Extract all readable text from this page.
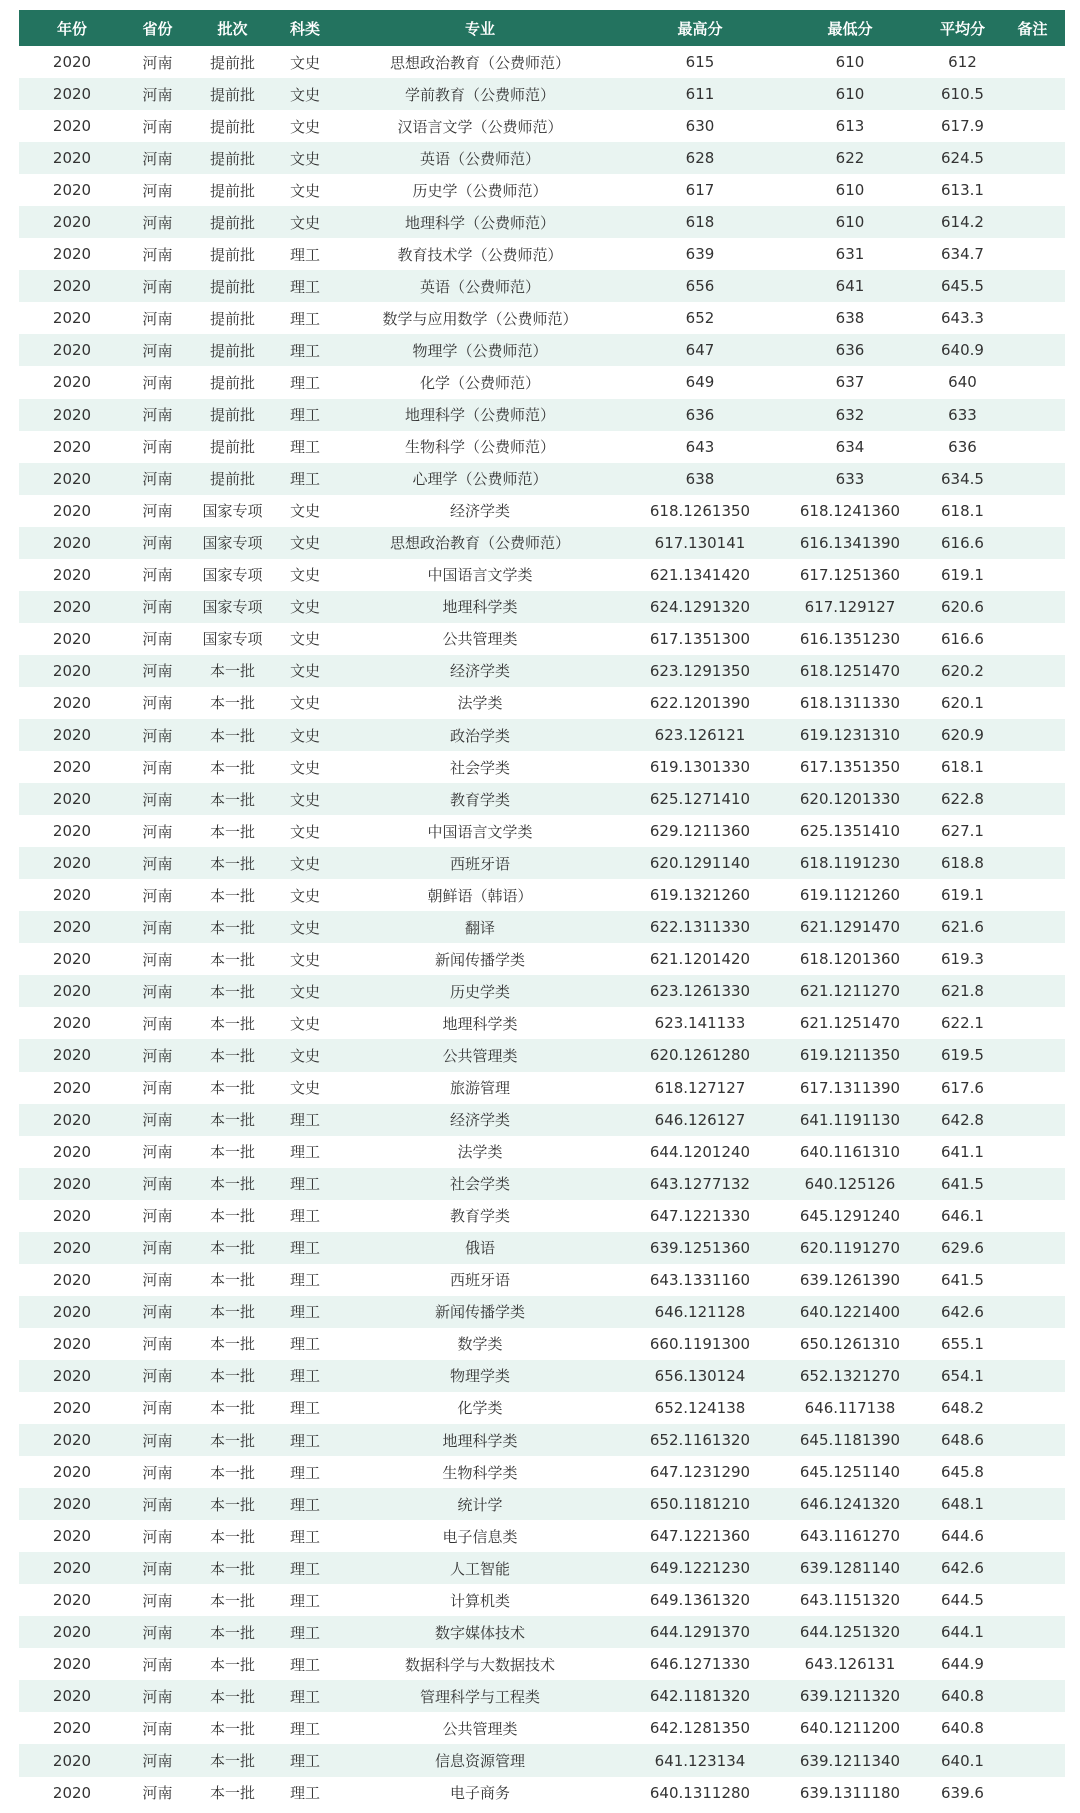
年份	省份	批次	科类	专业	最高分	最低分	平均分	备注
2020	河南	提前批	文史	思想政治教育（公费师范）	615	610	612	
2020	河南	提前批	文史	学前教育（公费师范）	611	610	610.5	
2020	河南	提前批	文史	汉语言文学（公费师范）	630	613	617.9	
2020	河南	提前批	文史	英语（公费师范）	628	622	624.5	
2020	河南	提前批	文史	历史学（公费师范）	617	610	613.1	
2020	河南	提前批	文史	地理科学（公费师范）	618	610	614.2	
2020	河南	提前批	理工	教育技术学（公费师范）	639	631	634.7	
2020	河南	提前批	理工	英语（公费师范）	656	641	645.5	
2020	河南	提前批	理工	数学与应用数学（公费师范）	652	638	643.3	
2020	河南	提前批	理工	物理学（公费师范）	647	636	640.9	
2020	河南	提前批	理工	化学（公费师范）	649	637	640	
2020	河南	提前批	理工	地理科学（公费师范）	636	632	633	
2020	河南	提前批	理工	生物科学（公费师范）	643	634	636	
2020	河南	提前批	理工	心理学（公费师范）	638	633	634.5	
2020	河南	国家专项	文史	经济学类	618.1261350	618.1241360	618.1	
2020	河南	国家专项	文史	思想政治教育（公费师范）	617.130141	616.1341390	616.6	
2020	河南	国家专项	文史	中国语言文学类	621.1341420	617.1251360	619.1	
2020	河南	国家专项	文史	地理科学类	624.1291320	617.129127	620.6	
2020	河南	国家专项	文史	公共管理类	617.1351300	616.1351230	616.6	
2020	河南	本一批	文史	经济学类	623.1291350	618.1251470	620.2	
2020	河南	本一批	文史	法学类	622.1201390	618.1311330	620.1	
2020	河南	本一批	文史	政治学类	623.126121	619.1231310	620.9	
2020	河南	本一批	文史	社会学类	619.1301330	617.1351350	618.1	
2020	河南	本一批	文史	教育学类	625.1271410	620.1201330	622.8	
2020	河南	本一批	文史	中国语言文学类	629.1211360	625.1351410	627.1	
2020	河南	本一批	文史	西班牙语	620.1291140	618.1191230	618.8	
2020	河南	本一批	文史	朝鲜语（韩语）	619.1321260	619.1121260	619.1	
2020	河南	本一批	文史	翻译	622.1311330	621.1291470	621.6	
2020	河南	本一批	文史	新闻传播学类	621.1201420	618.1201360	619.3	
2020	河南	本一批	文史	历史学类	623.1261330	621.1211270	621.8	
2020	河南	本一批	文史	地理科学类	623.141133	621.1251470	622.1	
2020	河南	本一批	文史	公共管理类	620.1261280	619.1211350	619.5	
2020	河南	本一批	文史	旅游管理	618.127127	617.1311390	617.6	
2020	河南	本一批	理工	经济学类	646.126127	641.1191130	642.8	
2020	河南	本一批	理工	法学类	644.1201240	640.1161310	641.1	
2020	河南	本一批	理工	社会学类	643.1277132	640.125126	641.5	
2020	河南	本一批	理工	教育学类	647.1221330	645.1291240	646.1	
2020	河南	本一批	理工	俄语	639.1251360	620.1191270	629.6	
2020	河南	本一批	理工	西班牙语	643.1331160	639.1261390	641.5	
2020	河南	本一批	理工	新闻传播学类	646.121128	640.1221400	642.6	
2020	河南	本一批	理工	数学类	660.1191300	650.1261310	655.1	
2020	河南	本一批	理工	物理学类	656.130124	652.1321270	654.1	
2020	河南	本一批	理工	化学类	652.124138	646.117138	648.2	
2020	河南	本一批	理工	地理科学类	652.1161320	645.1181390	648.6	
2020	河南	本一批	理工	生物科学类	647.1231290	645.1251140	645.8	
2020	河南	本一批	理工	统计学	650.1181210	646.1241320	648.1	
2020	河南	本一批	理工	电子信息类	647.1221360	643.1161270	644.6	
2020	河南	本一批	理工	人工智能	649.1221230	639.1281140	642.6	
2020	河南	本一批	理工	计算机类	649.1361320	643.1151320	644.5	
2020	河南	本一批	理工	数字媒体技术	644.1291370	644.1251320	644.1	
2020	河南	本一批	理工	数据科学与大数据技术	646.1271330	643.126131	644.9	
2020	河南	本一批	理工	管理科学与工程类	642.1181320	639.1211320	640.8	
2020	河南	本一批	理工	公共管理类	642.1281350	640.1211200	640.8	
2020	河南	本一批	理工	信息资源管理	641.123134	639.1211340	640.1	
2020	河南	本一批	理工	电子商务	640.1311280	639.1311180	639.6	
